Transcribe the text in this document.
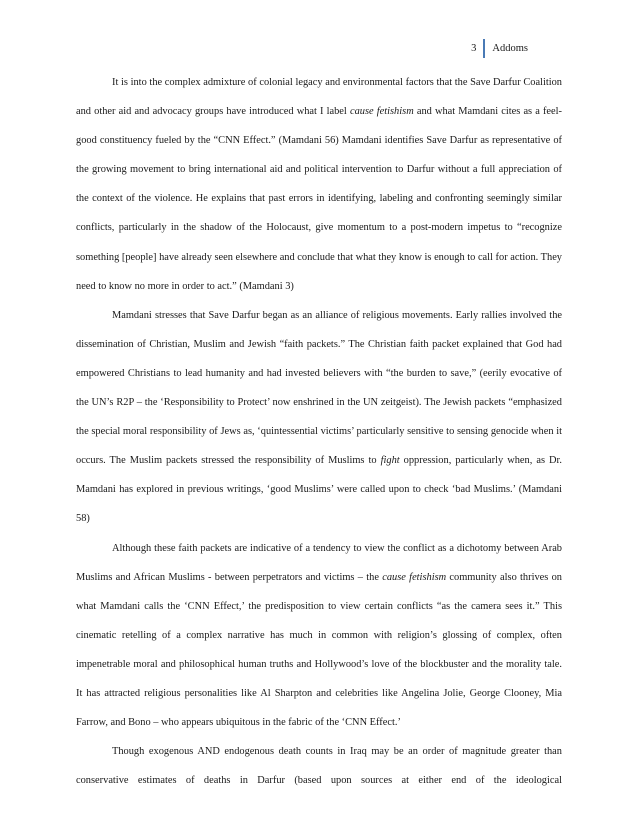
3 Addoms

It is into the complex admixture of colonial legacy and environmental factors that the Save Darfur Coalition and other aid and advocacy groups have introduced what I label cause fetishism and what Mamdani cites as a feel-good constituency fueled by the “CNN Effect.” (Mamdani 56) Mamdani identifies Save Darfur as representative of the growing movement to bring international aid and political intervention to Darfur without a full appreciation of the context of the violence. He explains that past errors in identifying, labeling and confronting seemingly similar conflicts, particularly in the shadow of the Holocaust, give momentum to a post-modern impetus to “recognize something [people] have already seen elsewhere and conclude that what they know is enough to call for action. They need to know no more in order to act.” (Mamdani 3)

Mamdani stresses that Save Darfur began as an alliance of religious movements. Early rallies involved the dissemination of Christian, Muslim and Jewish “faith packets.” The Christian faith packet explained that God had empowered Christians to lead humanity and had invested believers with “the burden to save,” (eerily evocative of the UN’s R2P – the ‘Responsibility to Protect’ now enshrined in the UN zeitgeist). The Jewish packets “emphasized the special moral responsibility of Jews as, ‘quintessential victims’ particularly sensitive to sensing genocide when it occurs. The Muslim packets stressed the responsibility of Muslims to fight oppression, particularly when, as Dr. Mamdani has explored in previous writings, ‘good Muslims’ were called upon to check ‘bad Muslims.’ (Mamdani 58)

Although these faith packets are indicative of a tendency to view the conflict as a dichotomy between Arab Muslims and African Muslims - between perpetrators and victims – the cause fetishism community also thrives on what Mamdani calls the ‘CNN Effect,’ the predisposition to view certain conflicts “as the camera sees it.” This cinematic retelling of a complex narrative has much in common with religion’s glossing of complex, often impenetrable moral and philosophical human truths and Hollywood’s love of the blockbuster and the morality tale. It has attracted religious personalities like Al Sharpton and celebrities like Angelina Jolie, George Clooney, Mia Farrow, and Bono – who appears ubiquitous in the fabric of the ‘CNN Effect.’

Though exogenous AND endogenous death counts in Iraq may be an order of magnitude greater than conservative estimates of deaths in Darfur (based upon sources at either end of the ideological
